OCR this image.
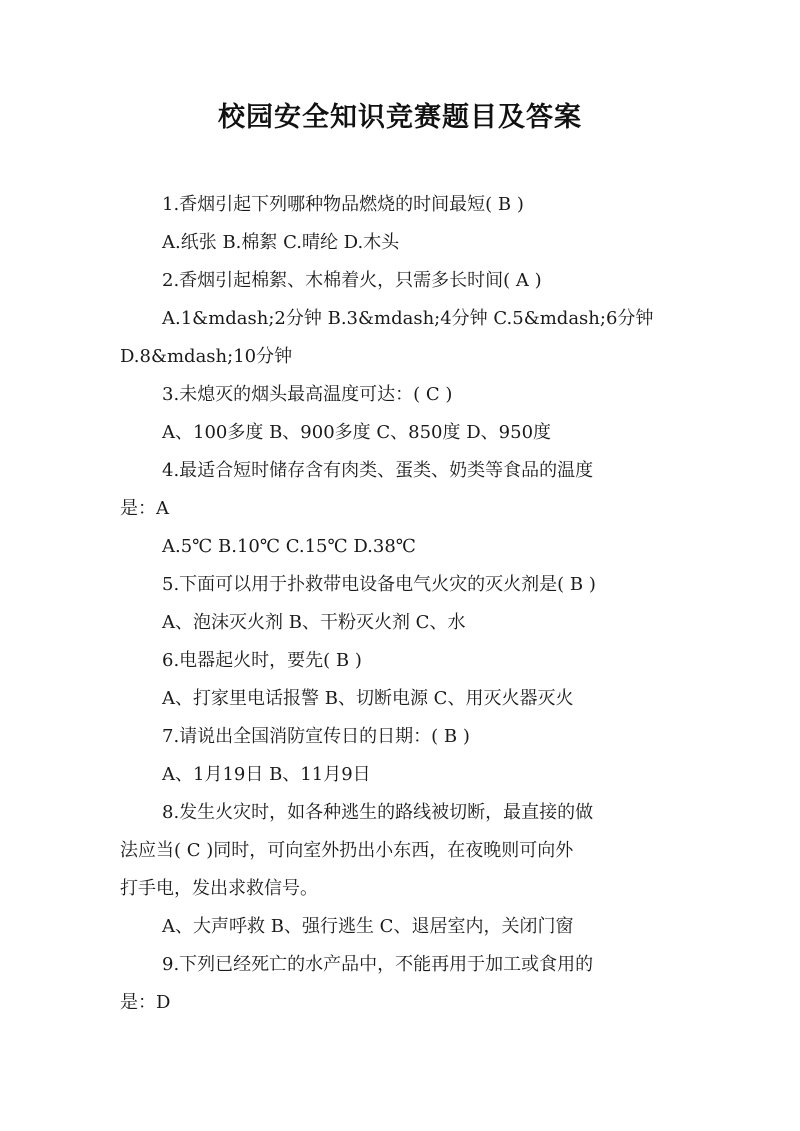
校园安全知识竞赛题目及答案
1.香烟引起下列哪种物品燃烧的时间最短( B )
A.纸张 B.棉絮 C.晴纶 D.木头
2.香烟引起棉絮、木棉着火，只需多长时间( A )
A.1&mdash;2分钟 B.3&mdash;4分钟 C.5&mdash;6分钟
D.8&mdash;10分钟
3.未熄灭的烟头最高温度可达：( C )
A、100多度 B、900多度 C、850度 D、950度
4.最适合短时储存含有肉类、蛋类、奶类等食品的温度
是：A
A.5℃ B.10℃ C.15℃ D.38℃
5.下面可以用于扑救带电设备电气火灾的灭火剂是( B )
A、泡沫灭火剂 B、干粉灭火剂 C、水
6.电器起火时，要先( B )
A、打家里电话报警 B、切断电源 C、用灭火器灭火
7.请说出全国消防宣传日的日期：( B )
A、1月19日 B、11月9日
8.发生火灾时，如各种逃生的路线被切断，最直接的做
法应当( C )同时，可向室外扔出小东西，在夜晚则可向外
打手电，发出求救信号。
A、大声呼救 B、强行逃生 C、退居室内，关闭门窗
9.下列已经死亡的水产品中，不能再用于加工或食用的
是：D
